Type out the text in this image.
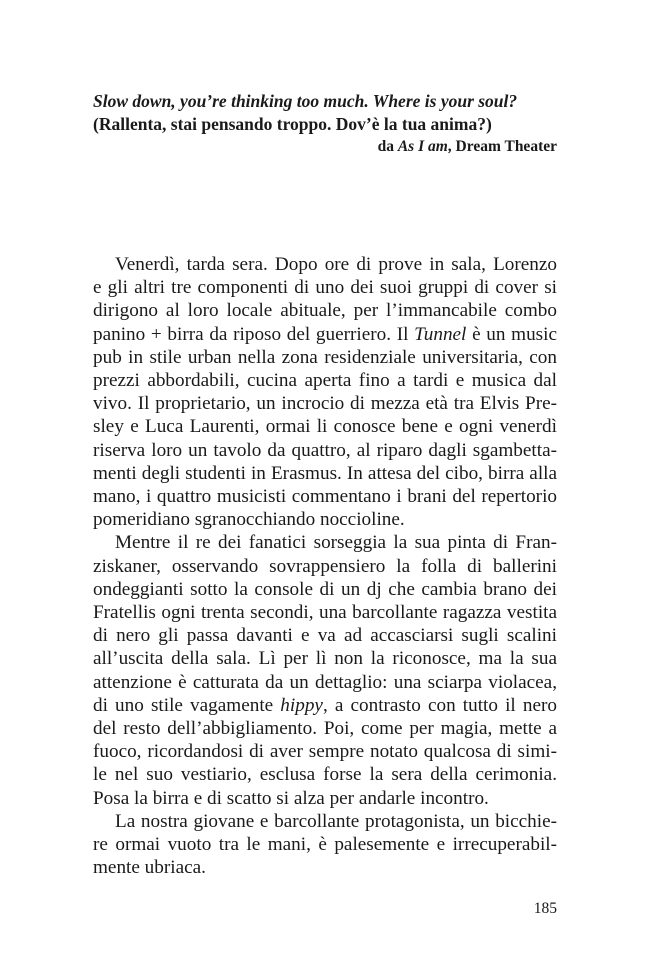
Slow down, you’re thinking too much. Where is your soul?
(Rallenta, stai pensando troppo. Dov’è la tua anima?)
da As I am, Dream Theater

Venerdì, tarda sera. Dopo ore di prove in sala, Lorenzo
e gli altri tre componenti di uno dei suoi gruppi di cover si
dirigono al loro locale abituale, per l’immancabile combo
panino + birra da riposo del guerriero. Il Tunnel è un music
pub in stile urban nella zona residenziale universitaria, con
prezzi abbordabili, cucina aperta fino a tardi e musica dal
vivo. Il proprietario, un incrocio di mezza età tra Elvis Pre-
sley e Luca Laurenti, ormai li conosce bene e ogni venerdì
riserva loro un tavolo da quattro, al riparo dagli sgambetta-
menti degli studenti in Erasmus. In attesa del cibo, birra alla
mano, i quattro musicisti commentano i brani del repertorio
pomeridiano sgranocchiando noccioline.

Mentre il re dei fanatici sorseggia la sua pinta di Fran-
ziskaner, osservando sovrappensiero la folla di ballerini
ondeggianti sotto la console di un dj che cambia brano dei
Fratellis ogni trenta secondi, una barcollante ragazza vestita
di nero gli passa davanti e va ad accasciarsi sugli scalini
all’uscita della sala. Lì per lì non la riconosce, ma la sua
attenzione è catturata da un dettaglio: una sciarpa violacea,
di uno stile vagamente hippy, a contrasto con tutto il nero
del resto dell’abbigliamento. Poi, come per magia, mette a
fuoco, ricordandosi di aver sempre notato qualcosa di simi-
le nel suo vestiario, esclusa forse la sera della cerimonia.
Posa la birra e di scatto si alza per andarle incontro.

La nostra giovane e barcollante protagonista, un bicchie-
re ormai vuoto tra le mani, è palesemente e irrecuperabil-
mente ubriaca.

185
